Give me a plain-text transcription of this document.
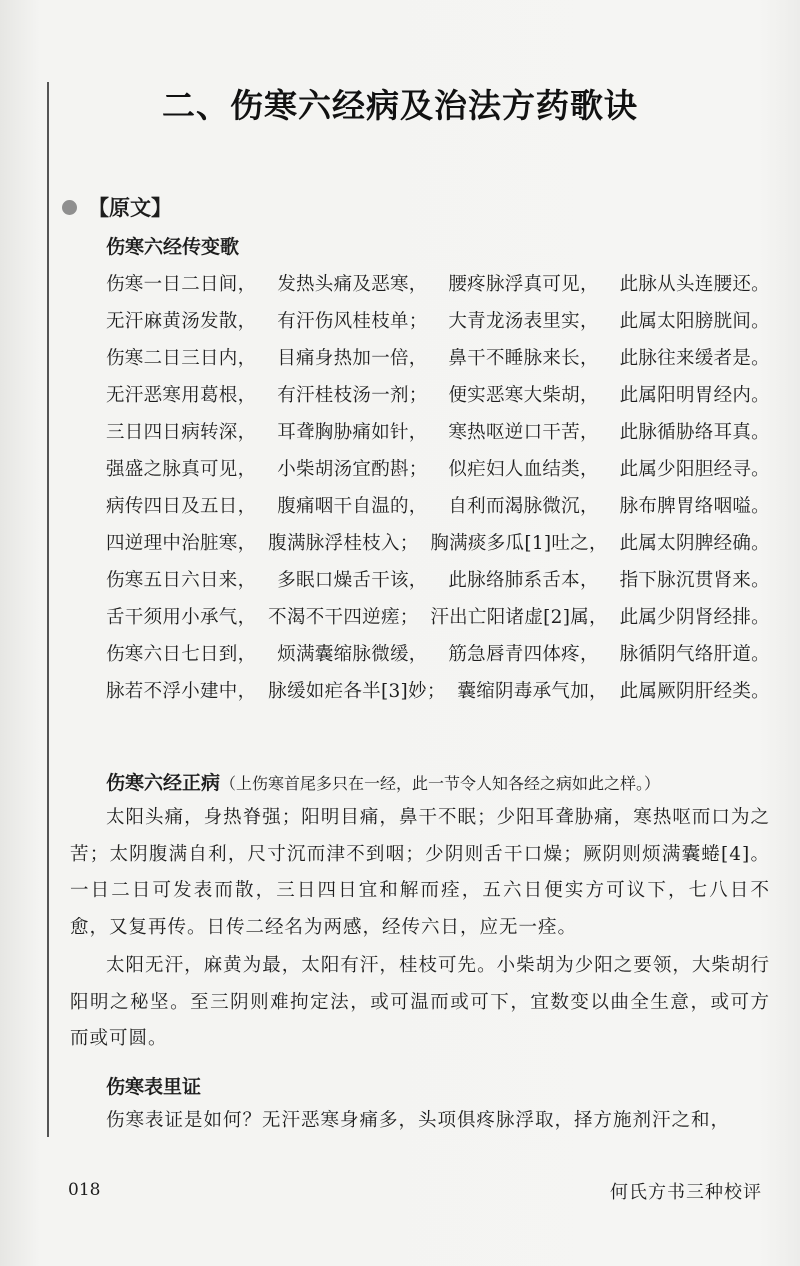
二、伤寒六经病及治法方药歌诀
【原文】
伤寒六经传变歌
伤寒一日二日间， 发热头痛及恶寒， 腰疼脉浮真可见， 此脉从头连腰还。
无汗麻黄汤发散， 有汗伤风桂枝单； 大青龙汤表里实， 此属太阳膀胱间。
伤寒二日三日内， 目痛身热加一倍， 鼻干不睡脉来长， 此脉往来缓者是。
无汗恶寒用葛根， 有汗桂枝汤一剂； 便实恶寒大柴胡， 此属阳明胃经内。
三日四日病转深， 耳聋胸胁痛如针， 寒热呕逆口干苦， 此脉循胁络耳真。
强盛之脉真可见， 小柴胡汤宜酌斟； 似疟妇人血结类， 此属少阳胆经寻。
病传四日及五日， 腹痛咽干自温的， 自利而渴脉微沉， 脉布脾胃络咽嗌。
四逆理中治脏寒， 腹满脉浮桂枝入； 胸满痰多瓜[1]吐之， 此属太阴脾经确。
伤寒五日六日来， 多眠口燥舌干该， 此脉络肺系舌本， 指下脉沉贯肾来。
舌干须用小承气， 不渴不干四逆瘥； 汗出亡阳诸虚[2]属， 此属少阴肾经排。
伤寒六日七日到， 烦满囊缩脉微缓， 筋急唇青四体疼， 脉循阴气络肝道。
脉若不浮小建中， 脉缓如疟各半[3]妙； 囊缩阴毒承气加， 此属厥阴肝经类。
伤寒六经正病（上伤寒首尾多只在一经，此一节令人知各经之病如此之样。）

太阳头痛，身热脊强；阳明目痛，鼻干不眠；少阳耳聋胁痛，寒热呕而口为之苦；太阴腹满自利，尺寸沉而津不到咽；少阴则舌干口燥；厥阴则烦满囊蜷[4]。一日二日可发表而散，三日四日宜和解而痊，五六日便实方可议下，七八日不愈，又复再传。日传二经名为两感，经传六日，应无一痊。

太阳无汗，麻黄为最，太阳有汗，桂枝可先。小柴胡为少阳之要领，大柴胡行阳明之秘坚。至三阴则难拘定法，或可温而或可下，宜数变以曲全生意，或可方而或可圆。

伤寒表里证

伤寒表证是如何？无汗恶寒身痛多，头项俱疼脉浮取，择方施剂汗之和，

018	何氏方书三种校评
